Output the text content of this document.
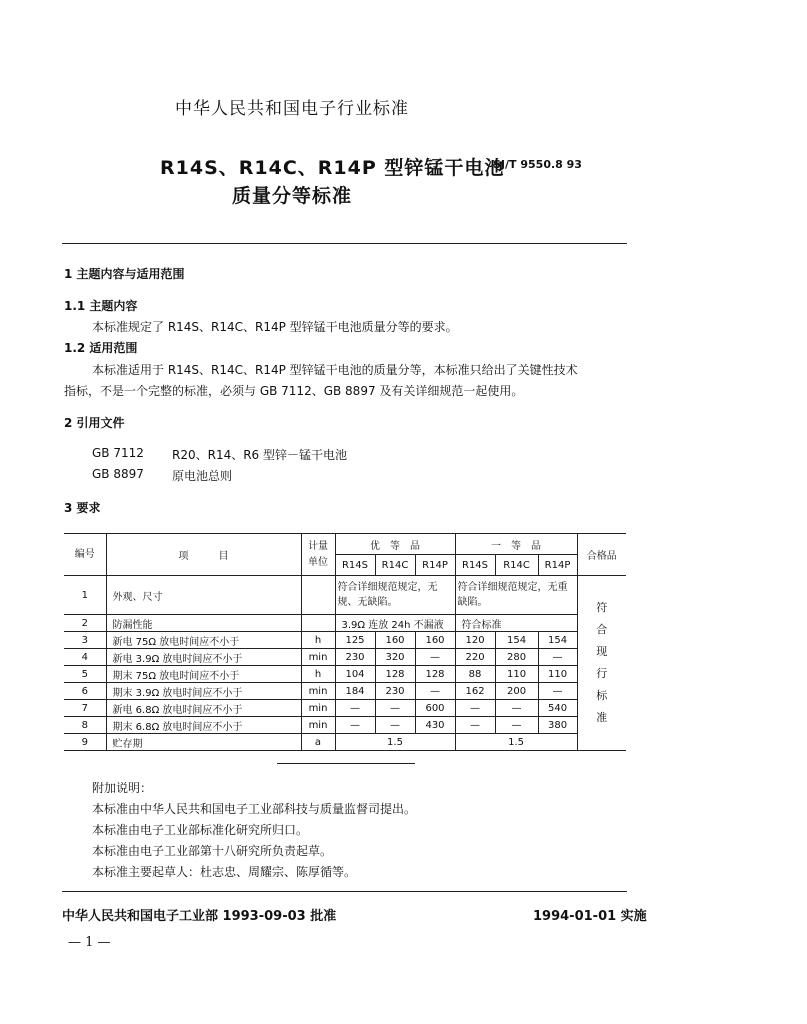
中华人民共和国电子行业标准
R14S、R14C、R14P 型锌锰干电池
质量分等标准
SJ/T 9550.8 93
1 主题内容与适用范围
1.1 主题内容
本标准规定了 R14S、R14C、R14P 型锌锰干电池质量分等的要求。
1.2 适用范围
本标准适用于 R14S、R14C、R14P 型锌锰干电池的质量分等，本标准只给出了关键性技术
指标，不是一个完整的标准，必须与 GB 7112、GB 8897 及有关详细规范一起使用。
2 引用文件
GB 7112 R20、R14、R6 型锌－锰干电池
GB 8897 原电池总则
3 要求
编号	项　　　目	计量单位	优　等　品			一　等　品			合格品
			R14S	R14C	R14P	R14S	R14C	R14P	
1	外观、尺寸		符合详细规范规定，无规、无缺陷。			符合详细规范规定，无重缺陷。			符合现行标准
2	防漏性能		3.9Ω 连放 24h 不漏液			符合标准			
3	新电 75Ω 放电时间应不小于	h	125	160	160	120	154	154	
4	新电 3.9Ω 放电时间应不小于	min	230	320	—	220	280	—	
5	期末 75Ω 放电时间应不小于	h	104	128	128	88	110	110	
6	期末 3.9Ω 放电时间应不小于	min	184	230	—	162	200	—	
7	新电 6.8Ω 放电时间应不小于	min	—	—	600	—	—	540	
8	期末 6.8Ω 放电时间应不小于	min	—	—	430	—	—	380	
9	贮存期	a	1.5			1.5			
附加说明：
本标准由中华人民共和国电子工业部科技与质量监督司提出。
本标准由电子工业部标准化研究所归口。
本标准由电子工业部第十八研究所负责起草。
本标准主要起草人：杜志忠、周耀宗、陈厚循等。
中华人民共和国电子工业部 1993-09-03 批准	1994-01-01 实施
— 1 —
